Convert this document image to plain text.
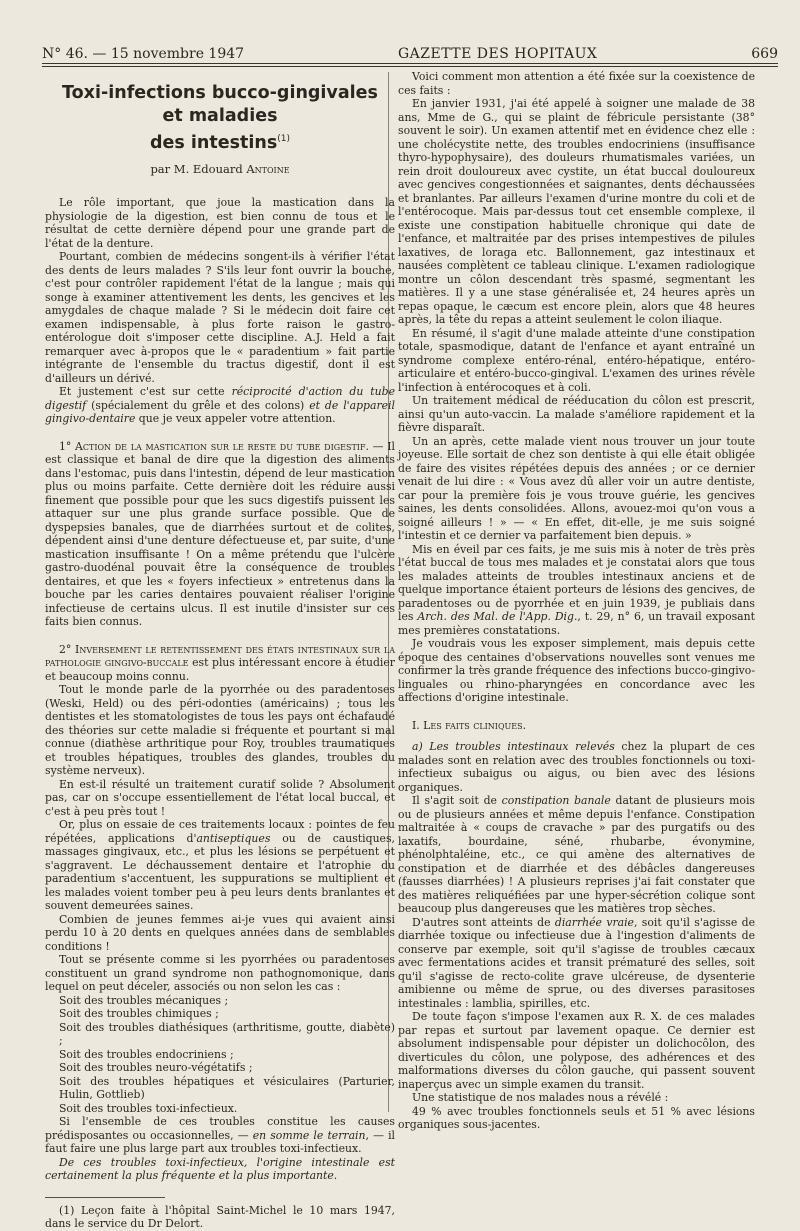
N° 46. — 15 novembre 1947	GAZETTE DES HOPITAUX	669
Toxi-infections bucco-gingivales et maladies
des intestins$^{(1)}$
par M. Edouard Antoine

Le rôle important, que joue la mastication dans la physiologie de la digestion, est bien connu de tous et le résultat de cette dernière dépend pour une grande part de l'état de la denture.

Pourtant, combien de médecins songent-ils à vérifier l'état des dents de leurs malades ? S'ils leur font ouvrir la bouche, c'est pour contrôler rapidement l'état de la langue ; mais qui songe à examiner attentivement les dents, les gencives et les amygdales de chaque malade ? Si le médecin doit faire cet examen indispensable, à plus forte raison le gastro-entérologue doit s'imposer cette discipline. A.J. Held a fait remarquer avec à-propos que le « paradentium » fait partie intégrante de l'ensemble du tractus digestif, dont il est d'ailleurs un dérivé.

Et justement c'est sur cette réciprocité d'action du tube digestif (spécialement du grêle et des colons) et de l'appareil gingivo-dentaire que je veux appeler votre attention.

1° Action de la mastication sur le reste du tube digestif. — Il est classique et banal de dire que la digestion des aliments dans l'estomac, puis dans l'intestin, dépend de leur mastication plus ou moins parfaite. Cette dernière doit les réduire aussi finement que possible pour que les sucs digestifs puissent les attaquer sur une plus grande surface possible. Que de dyspepsies banales, que de diarrhées surtout et de colites, dépendent ainsi d'une denture défectueuse et, par suite, d'une mastication insuffisante ! On a même prétendu que l'ulcère gastro-duodénal pouvait être la conséquence de troubles dentaires, et que les « foyers infectieux » entretenus dans la bouche par les caries dentaires pouvaient réaliser l'origine infectieuse de certains ulcus. Il est inutile d'insister sur ces faits bien connus.

2° Inversement le retentissement des états intestinaux sur la pathologie gingivo-buccale est plus intéressant encore à étudier et beaucoup moins connu.

Tout le monde parle de la pyorrhée ou des paradentoses (Weski, Held) ou des péri-odonties (américains) ; tous les dentistes et les stomatologistes de tous les pays ont échafaudé des théories sur cette maladie si fréquente et pourtant si mal connue (diathèse arthritique pour Roy, troubles traumatiques et troubles hépatiques, troubles des glandes, troubles du système nerveux).

En est-il résulté un traitement curatif solide ? Absolument pas, car on s'occupe essentiellement de l'état local buccal, et c'est à peu près tout !

Or, plus on essaie de ces traitements locaux : pointes de feu répétées, applications d'antiseptiques ou de caustiques, massages gingivaux, etc., et plus les lésions se perpétuent et s'aggravent. Le déchaussement dentaire et l'atrophie du paradentium s'accentuent, les suppurations se multiplient et les malades voient tomber peu à peu leurs dents branlantes et souvent demeurées saines.

Combien de jeunes femmes ai-je vues qui avaient ainsi perdu 10 à 20 dents en quelques années dans de semblables conditions !

Tout se présente comme si les pyorrhées ou paradentoses constituent un grand syndrome non pathognomonique, dans lequel on peut déceler, associés ou non selon les cas :

Soit des troubles mécaniques ;

Soit des troubles chimiques ;

Soit des troubles diathésiques (arthritisme, goutte, diabète) ;

Soit des troubles endocriniens ;

Soit des troubles neuro-végétatifs ;

Soit des troubles hépatiques et vésiculaires (Parturier, Hulin, Gottlieb)

Soit des troubles toxi-infectieux.

Si l'ensemble de ces troubles constitue les causes prédisposantes ou occasionnelles, — en somme le terrain, — il faut faire une plus large part aux troubles toxi-infectieux.

De ces troubles toxi-infectieux, l'origine intestinale est certainement la plus fréquente et la plus importante.

(1) Leçon faite à l'hôpital Saint-Michel le 10 mars 1947, dans le service du Dr Delort.

Voici comment mon attention a été fixée sur la coexistence de ces faits :

En janvier 1931, j'ai été appelé à soigner une malade de 38 ans, Mme de G., qui se plaint de fébricule persistante (38° souvent le soir). Un examen attentif met en évidence chez elle : une cholécystite nette, des troubles endocriniens (insuffisance thyro-hypophysaire), des douleurs rhumatismales variées, un rein droit douloureux avec cystite, un état buccal douloureux avec gencives congestionnées et saignantes, dents déchaussées et branlantes. Par ailleurs l'examen d'urine montre du coli et de l'entérocoque. Mais par-dessus tout cet ensemble complexe, il existe une constipation habituelle chronique qui date de l'enfance, et maltraitée par des prises intempestives de pilules laxatives, de loraga etc. Ballonnement, gaz intestinaux et nausées complètent ce tableau clinique. L'examen radiologique montre un côlon descendant très spasmé, segmentant les matières. Il y a une stase généralisée et, 24 heures après un repas opaque, le cæcum est encore plein, alors que 48 heures après, la tête du repas a atteint seulement le colon iliaque.

En résumé, il s'agit d'une malade atteinte d'une constipation totale, spasmodique, datant de l'enfance et ayant entraîné un syndrome complexe entéro-rénal, entéro-hépatique, entéro-articulaire et entéro-bucco-gingival. L'examen des urines révèle l'infection à entérocoques et à coli.

Un traitement médical de rééducation du côlon est prescrit, ainsi qu'un auto-vaccin. La malade s'améliore rapidement et la fièvre disparaît.

Un an après, cette malade vient nous trouver un jour toute joyeuse. Elle sortait de chez son dentiste à qui elle était obligée de faire des visites répétées depuis des années ; or ce dernier venait de lui dire : « Vous avez dû aller voir un autre dentiste, car pour la première fois je vous trouve guérie, les gencives saines, les dents consolidées. Allons, avouez-moi qu'on vous a soigné ailleurs ! » — « En effet, dit-elle, je me suis soigné l'intestin et ce dernier va parfaitement bien depuis. »

Mis en éveil par ces faits, je me suis mis à noter de très près l'état buccal de tous mes malades et je constatai alors que tous les malades atteints de troubles intestinaux anciens et de quelque importance étaient porteurs de lésions des gencives, de paradentoses ou de pyorrhée et en juin 1939, je publiais dans les Arch. des Mal. de l'App. Dig., t. 29, n° 6, un travail exposant mes premières constatations.

Je voudrais vous les exposer simplement, mais depuis cette époque des centaines d'observations nouvelles sont venues me confirmer la très grande fréquence des infections bucco-gingivo-linguales ou rhino-pharyngées en concordance avec les affections d'origine intestinale.

I. Les faits cliniques.

a) Les troubles intestinaux relevés chez la plupart de ces malades sont en relation avec des troubles fonctionnels ou toxi-infectieux subaigus ou aigus, ou bien avec des lésions organiques.

Il s'agit soit de constipation banale datant de plusieurs mois ou de plusieurs années et même depuis l'enfance. Constipation maltraitée à « coups de cravache » par des purgatifs ou des laxatifs, bourdaine, séné, rhubarbe, évonymine, phénolphtaléine, etc., ce qui amène des alternatives de constipation et de diarrhée et des débâcles dangereuses (fausses diarrhées) ! A plusieurs reprises j'ai fait constater que des matières reliquéfiées par une hyper-sécrétion colique sont beaucoup plus dangereuses que les matières trop sèches.

D'autres sont atteints de diarrhée vraie, soit qu'il s'agisse de diarrhée toxique ou infectieuse due à l'ingestion d'aliments de conserve par exemple, soit qu'il s'agisse de troubles cæcaux avec fermentations acides et transit prématuré des selles, soit qu'il s'agisse de recto-colite grave ulcéreuse, de dysenterie amibienne ou même de sprue, ou des diverses parasitoses intestinales : lamblia, spirilles, etc.

De toute façon s'impose l'examen aux R. X. de ces malades par repas et surtout par lavement opaque. Ce dernier est absolument indispensable pour dépister un dolichocôlon, des diverticules du côlon, une polypose, des adhérences et des malformations diverses du côlon gauche, qui passent souvent inaperçus avec un simple examen du transit.

Une statistique de nos malades nous a révélé :

49 % avec troubles fonctionnels seuls et 51 % avec lésions organiques sous-jacentes.
